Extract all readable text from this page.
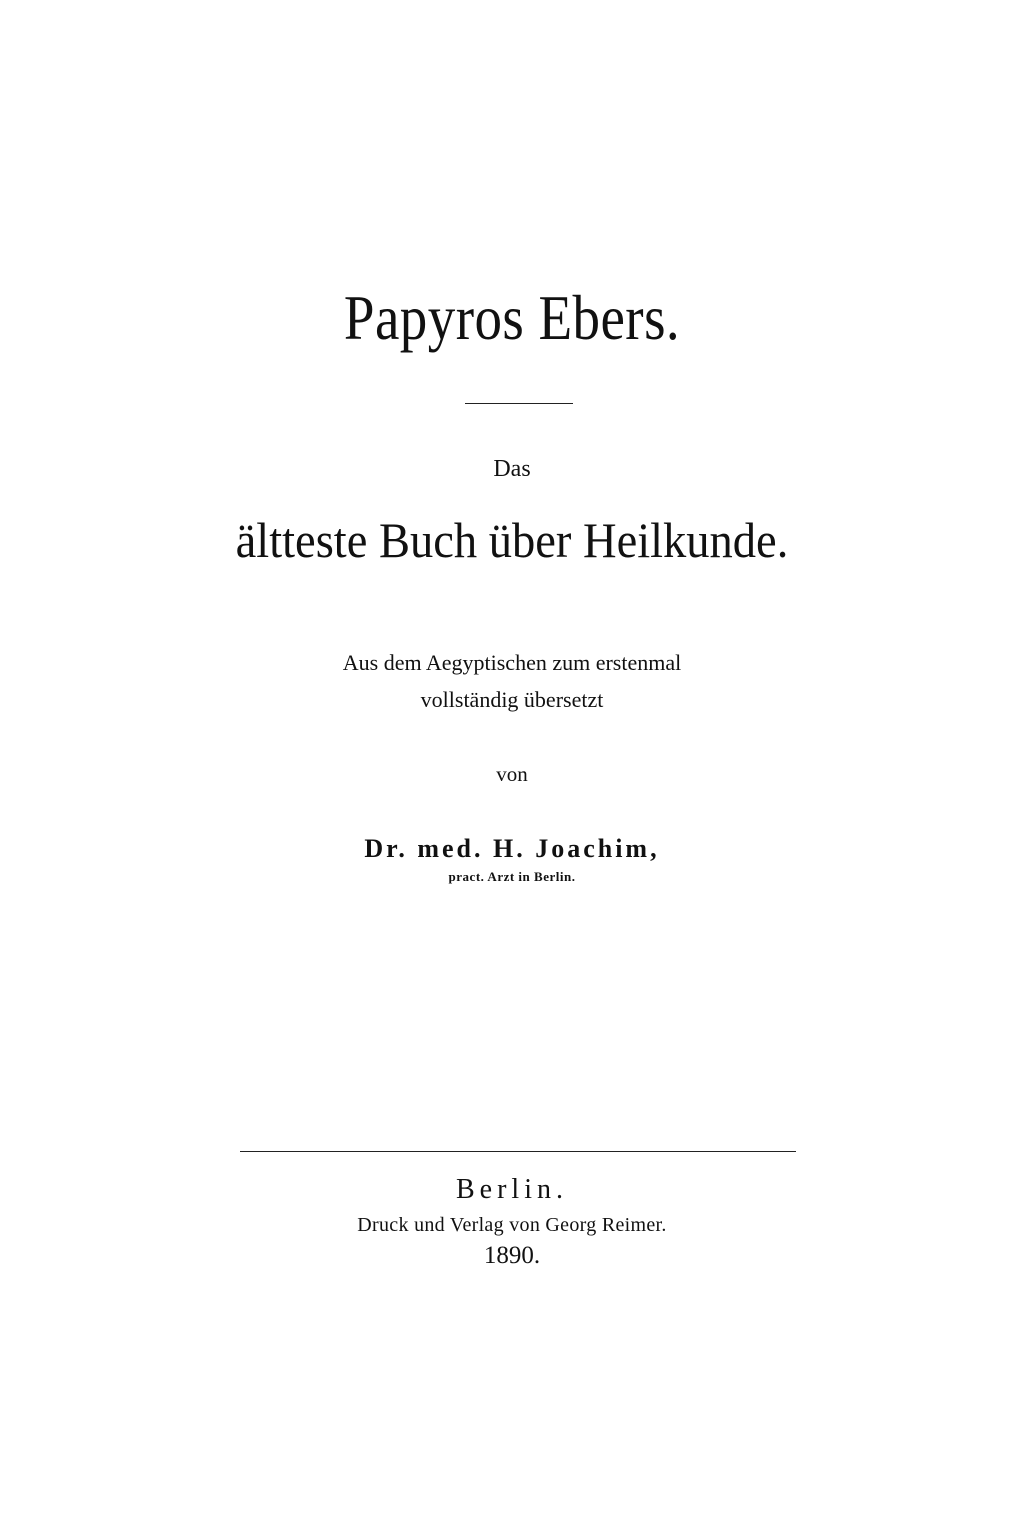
Papyros Ebers.
Das
ältteste Buch über Heilkunde.
Aus dem Aegyptischen zum erstenmal
vollständig übersetzt
von
Dr. med. H. Joachim,
pract. Arzt in Berlin.
Berlin.
Druck und Verlag von Georg Reimer.
1890.
